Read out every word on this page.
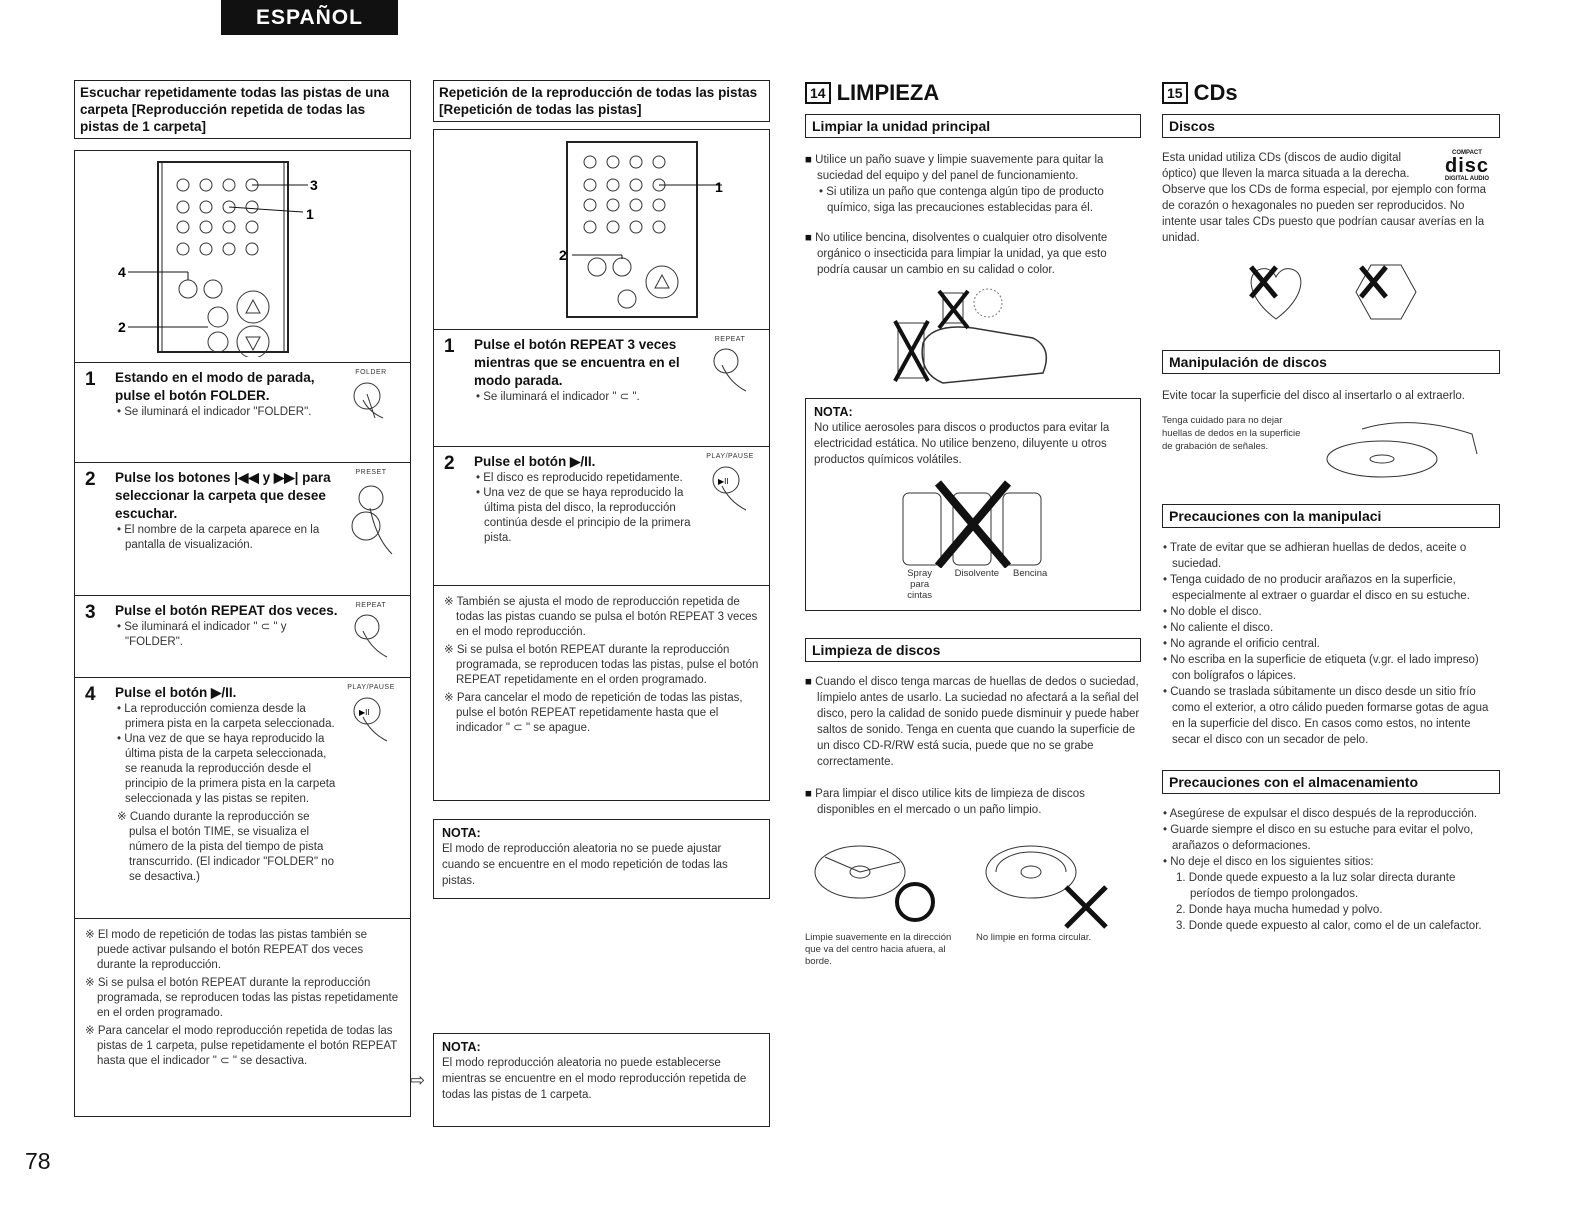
ESPAÑOL
Escuchar repetidamente todas las pistas de una carpeta [Reproducción repetida de todas las pistas de 1 carpeta]
3
1
4
2
1	Estando en el modo de parada, pulse el botón FOLDER.
• Se iluminará el indicador "FOLDER".
FOLDER
2	Pulse los botones |◀◀ y ▶▶| para seleccionar la carpeta que desee escuchar.
• El nombre de la carpeta aparece en la pantalla de visualización.
PRESET
3	Pulse el botón REPEAT dos veces.
• Se iluminará el indicador " ⊂ " y "FOLDER".
REPEAT
4	Pulse el botón ▶/II.
• La reproducción comienza desde la primera pista en la carpeta seleccionada.
• Una vez de que se haya reproducido la última pista de la carpeta seleccionada, se reanuda la reproducción desde el principio de la primera pista en la carpeta seleccionada y las pistas se repiten.
※ Cuando durante la reproducción se pulsa el botón TIME, se visualiza el número de la pista del tiempo de pista transcurrido. (El indicador "FOLDER" no se desactiva.)
PLAY/PAUSE
▶II
※ El modo de repetición de todas las pistas también se puede activar pulsando el botón REPEAT dos veces durante la reproducción.
※ Si se pulsa el botón REPEAT durante la reproducción programada, se reproducen todas las pistas repetidamente en el orden programado.
※ Para cancelar el modo reproducción repetida de todas las pistas de 1 carpeta, pulse repetidamente el botón REPEAT hasta que el indicador " ⊂ " se desactiva.
Repetición de la reproducción de todas las pistas [Repetición de todas las pistas]
1
2
1	Pulse el botón REPEAT 3 veces mientras que se encuentra en el modo parada.
• Se iluminará el indicador " ⊂ ".
REPEAT
2	Pulse el botón ▶/II.
• El disco es reproducido repetidamente.
• Una vez de que se haya reproducido la última pista del disco, la reproducción continúa desde el principio de la primera pista.
PLAY/PAUSE
▶II
※ También se ajusta el modo de reproducción repetida de todas las pistas cuando se pulsa el botón REPEAT 3 veces en el modo reproducción.
※ Si se pulsa el botón REPEAT durante la reproducción programada, se reproducen todas las pistas, pulse el botón REPEAT repetidamente en el orden programado.
※ Para cancelar el modo de repetición de todas las pistas, pulse el botón REPEAT repetidamente hasta que el indicador " ⊂ " se apague.
NOTA:
El modo de reproducción aleatoria no se puede ajustar cuando se encuentre en el modo repetición de todas las pistas.
⇨
NOTA:
El modo reproducción aleatoria no puede establecerse mientras se encuentre en el modo reproducción repetida de todas las pistas de 1 carpeta.
14 LIMPIEZA
Limpiar la unidad principal
■ Utilice un paño suave y limpie suavemente para quitar la suciedad del equipo y del panel de funcionamiento.
• Si utiliza un paño que contenga algún tipo de producto químico, siga las precauciones establecidas para él.
■ No utilice bencina, disolventes o cualquier otro disolvente orgánico o insecticida para limpiar la unidad, ya que esto podría causar un cambio en su calidad o color.
NOTA:
No utilice aerosoles para discos o productos para evitar la electricidad estática. No utilice benzeno, diluyente u otros productos químicos volátiles.
Spray para cintas
Disolvente Bencina
Limpieza de discos
■ Cuando el disco tenga marcas de huellas de dedos o suciedad, límpielo antes de usarlo. La suciedad no afectará a la señal del disco, pero la calidad de sonido puede disminuir y puede haber saltos de sonido. Tenga en cuenta que cuando la superficie de un disco CD-R/RW está sucia, puede que no se grabe correctamente.
■ Para limpiar el disco utilice kits de limpieza de discos disponibles en el mercado o un paño limpio.
Limpie suavemente en la dirección que va del centro hacia afuera, al borde.
No limpie en forma circular.
15 CDs
Discos
Esta unidad utiliza CDs (discos de audio digital óptico) que lleven la marca situada a la derecha.
COMPACT
disc
DIGITAL AUDIO
Observe que los CDs de forma especial, por ejemplo con forma de corazón o hexagonales no pueden ser reproducidos. No intente usar tales CDs puesto que podrían causar averías en la unidad.
Manipulación de discos
Evite tocar la superficie del disco al insertarlo o al extraerlo.
Tenga cuidado para no dejar huellas de dedos en la superficie de grabación de señales.
Precauciones con la manipulaci
• Trate de evitar que se adhieran huellas de dedos, aceite o suciedad.
• Tenga cuidado de no producir arañazos en la superficie, especialmente al extraer o guardar el disco en su estuche.
• No doble el disco.
• No caliente el disco.
• No agrande el orificio central.
• No escriba en la superficie de etiqueta (v.gr. el lado impreso) con bolígrafos o lápices.
• Cuando se traslada súbitamente un disco desde un sitio frío como el exterior, a otro cálido pueden formarse gotas de agua en la superficie del disco. En casos como estos, no intente secar el disco con un secador de pelo.
Precauciones con el almacenamiento
• Asegúrese de expulsar el disco después de la reproducción.
• Guarde siempre el disco en su estuche para evitar el polvo, arañazos o deformaciones.
• No deje el disco en los siguientes sitios:
1. Donde quede expuesto a la luz solar directa durante períodos de tiempo prolongados.
2. Donde haya mucha humedad y polvo.
3. Donde quede expuesto al calor, como el de un calefactor.
78
